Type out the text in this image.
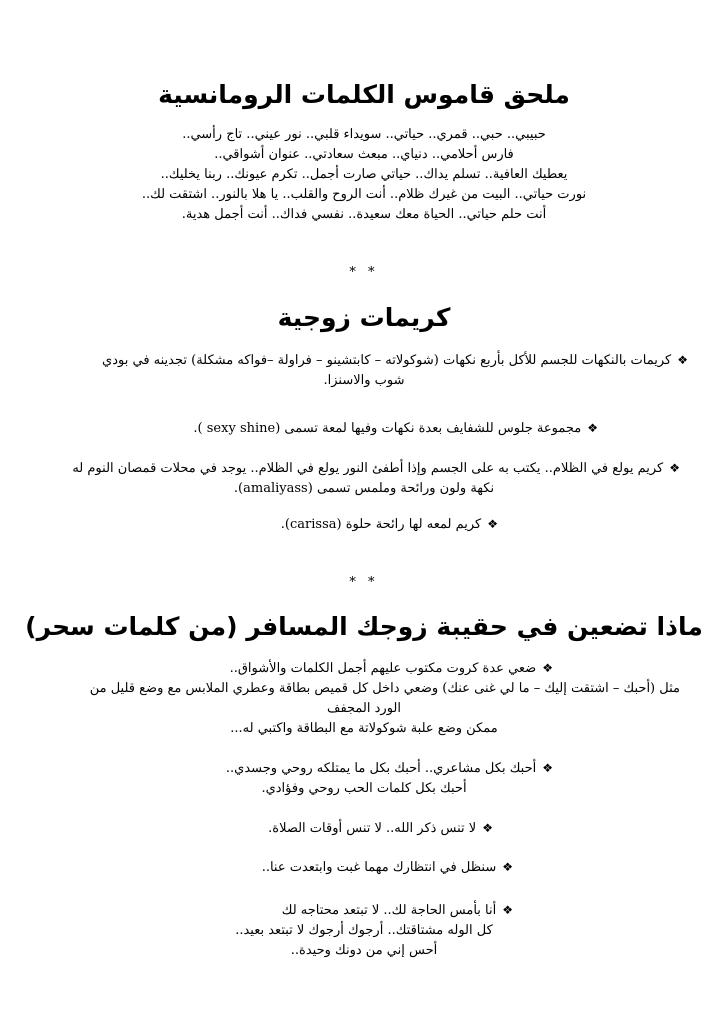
ملحق قاموس الكلمات الرومانسية
حبيبي.. حبي.. قمري.. حياتي.. سويداء قلبي.. نور عيني.. تاج رأسي..
فارس أحلامي.. دنياي.. مبعث سعادتي.. عنوان أشواقي..
يعطيك العافية.. تسلم يداك.. حياتي صارت أجمل.. تكرم عيونك.. ربنا يخليك..
نورت حياتي.. البيت من غيرك ظلام.. أنت الروح والقلب.. يا هلا بالنور.. اشتقت لك..
أنت حلم حياتي.. الحياة معك سعيدة.. نفسي فداك.. أنت أجمل هدية.
* *
كريمات زوجية
❖كريمات بالنكهات للجسم للأكل بأربع نكهات (شوكولاته – كابتشينو – فراولة –فواكه مشكلة) تجدينه في بودي
شوب والاسنزا.
❖مجموعة جلوس للشفايف بعدة نكهات وفيها لمعة تسمى (sexy shine ).
❖كريم يولع في الظلام.. يكتب به على الجسم وإذا أطفئ النور يولع في الظلام.. يوجد في محلات قمصان النوم له
نكهة ولون ورائحة وملمس تسمى (amaliyass).
❖كريم لمعه لها رائحة حلوة (carissa).
* *
ماذا تضعين في حقيبة زوجك المسافر (من كلمات سحر)
❖ضعي عدة كروت مكتوب عليهم أجمل الكلمات والأشواق..
مثل (أحبك – اشتقت إليك – ما لي غنى عنك) وضعي داخل كل قميص بطاقة وعطري الملابس مع وضع قليل من
الورد المجفف
ممكن وضع علبة شوكولاتة مع البطاقة واكتبي له...
❖أحبك بكل مشاعري.. أحبك بكل ما يمتلكه روحي وجسدي..
أحبك بكل كلمات الحب روحي وفؤادي.
❖لا تنس ذكر الله.. لا تنس أوقات الصلاة.
❖سنظل في انتظارك مهما غبت وابتعدت عنا..
❖أنا بأمس الحاجة لك.. لا تبتعد محتاجه لك
كل الوله مشتاقتك.. أرجوك أرجوك لا تبتعد بعيد..
أحس إني من دونك وحيدة..
